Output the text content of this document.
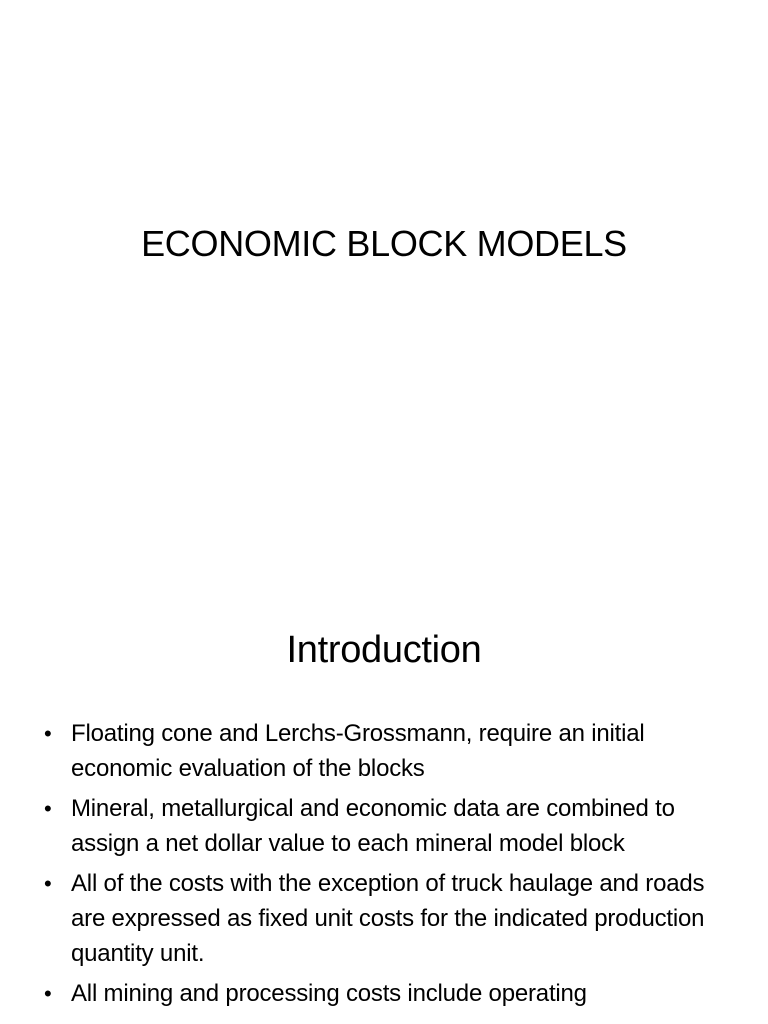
ECONOMIC BLOCK MODELS
Introduction
• Floating cone and Lerchs-Grossmann, require an initial economic evaluation of the blocks
• Mineral, metallurgical and economic data are combined to assign a net dollar value to each mineral model block
• All of the costs with the exception of truck haulage and roads are expressed as fixed unit costs for the indicated production quantity unit.
• All mining and processing costs include operating
